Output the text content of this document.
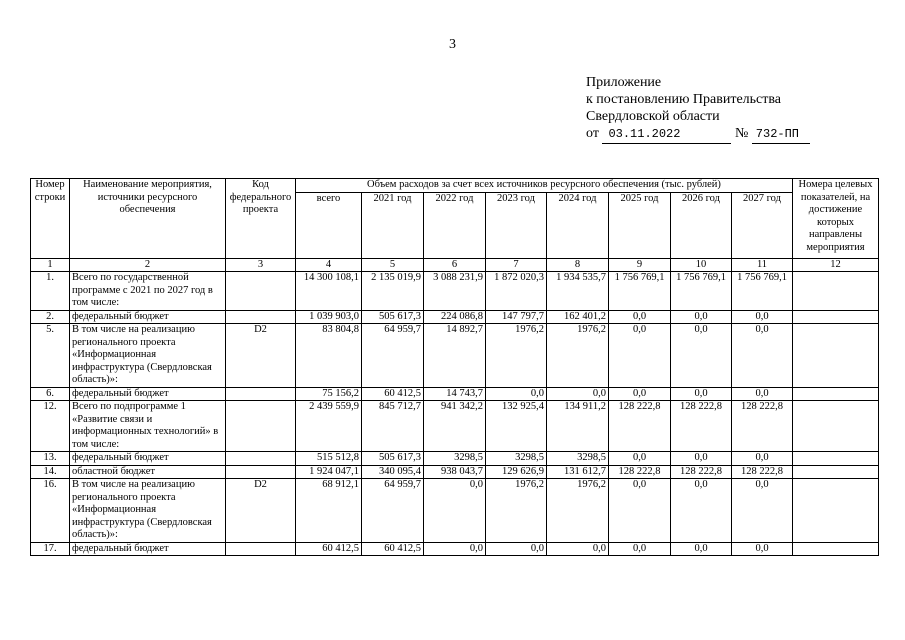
3
Приложение
к постановлению Правительства
Свердловской области
от 03.11.2022	№ 732-ПП
Номер строки	Наименование мероприятия, источники ресурсного обеспечения	Код федерального проекта	Объем расходов за счет всех источников ресурсного обеспечения (тыс. рублей)								Номера целевых показателей, на достижение которых направлены мероприятия
			всего	2021 год	2022 год	2023 год	2024 год	2025 год	2026 год	2027 год	
1	2	3	4	5	6	7	8	9	10	11	12
1.	Всего по государственной программе с 2021 по 2027 год в том числе:		14 300 108,1	2 135 019,9	3 088 231,9	1 872 020,3	1 934 535,7	1 756 769,1	1 756 769,1	1 756 769,1	
2.	федеральный бюджет		1 039 903,0	505 617,3	224 086,8	147 797,7	162 401,2	0,0	0,0	0,0	
5.	В том числе на реализацию регионального проекта «Информационная инфраструктура (Свердловская область)»:	D2	83 804,8	64 959,7	14 892,7	1976,2	1976,2	0,0	0,0	0,0	
6.	федеральный бюджет		75 156,2	60 412,5	14 743,7	0,0	0,0	0,0	0,0	0,0	
12.	Всего по подпрограмме 1 «Развитие связи и информационных технологий» в том числе:		2 439 559,9	845 712,7	941 342,2	132 925,4	134 911,2	128 222,8	128 222,8	128 222,8	
13.	федеральный бюджет		515 512,8	505 617,3	3298,5	3298,5	3298,5	0,0	0,0	0,0	
14.	областной бюджет		1 924 047,1	340 095,4	938 043,7	129 626,9	131 612,7	128 222,8	128 222,8	128 222,8	
16.	В том числе на реализацию регионального проекта «Информационная инфраструктура (Свердловская область)»:	D2	68 912,1	64 959,7	0,0	1976,2	1976,2	0,0	0,0	0,0	
17.	федеральный бюджет		60 412,5	60 412,5	0,0	0,0	0,0	0,0	0,0	0,0	
